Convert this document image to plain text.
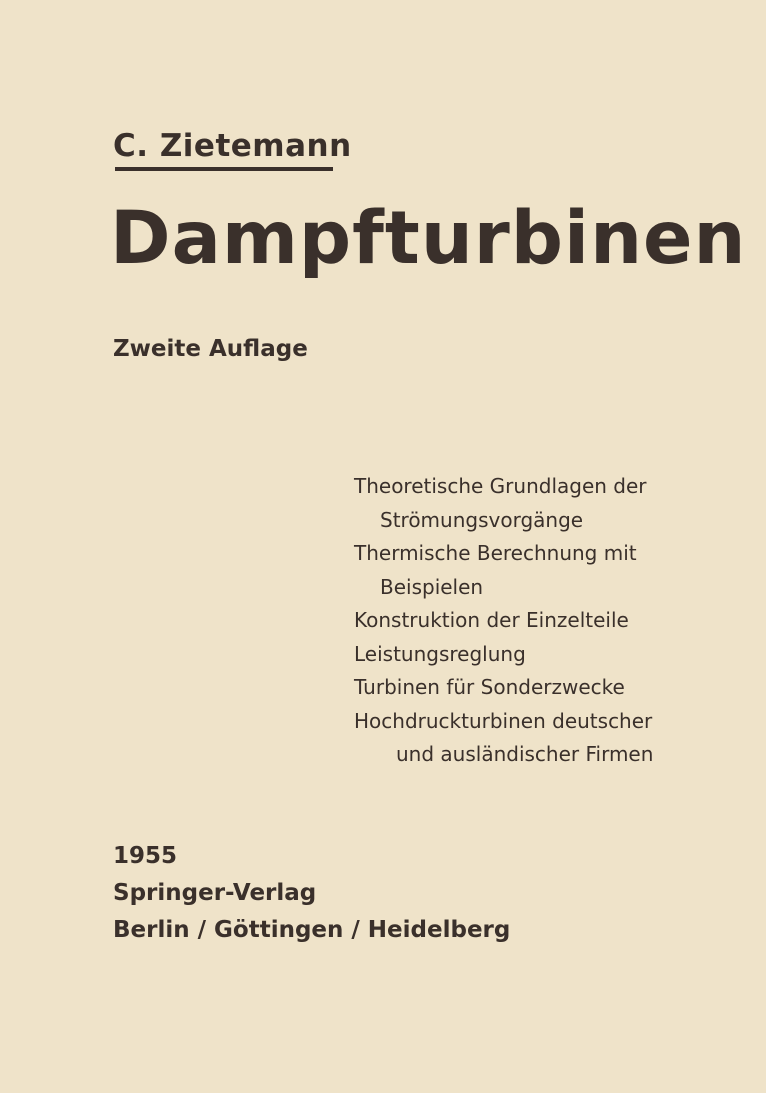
C. Zietemann
Dampfturbinen
Zweite Auflage
Theoretische Grundlagen der
Strömungsvorgänge
Thermische Berechnung mit
Beispielen
Konstruktion der Einzelteile
Leistungsreglung
Turbinen für Sonderzwecke
Hochdruckturbinen deutscher
und ausländischer Firmen
1955
Springer-Verlag
Berlin / Göttingen / Heidelberg
